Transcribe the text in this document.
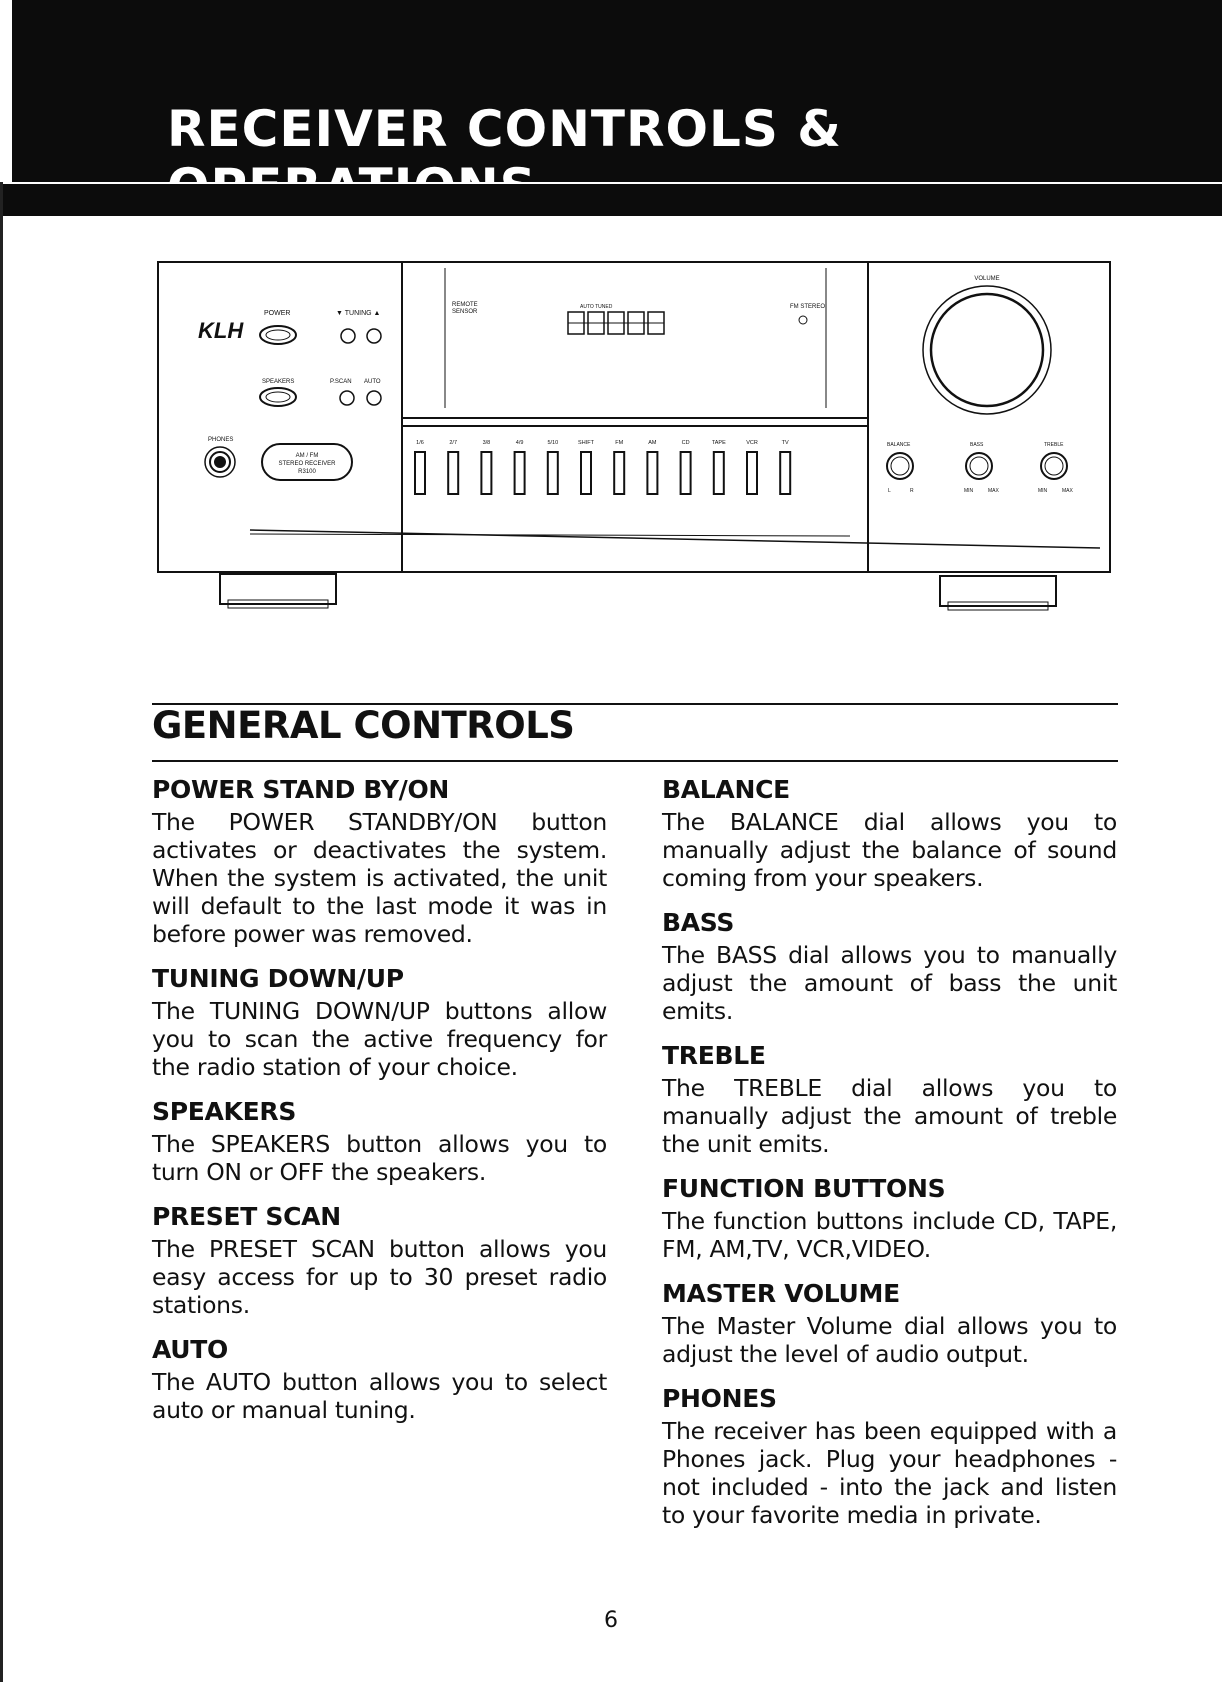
RECEIVER CONTROLS &
KLH
POWER	▼ TUNING ▲
SPEAKERS	P.SCAN AUTO
PHONES
AM / FM
STEREO RECEIVER
R3100
REMOTE
SENSOR
AUTO TUNED	FM STEREO
1/6	2/7	3/8	4/9	5/10	SHIFT	FM	AM	CD	TAPE	VCR	TV
VOLUME
BALANCE	BASS	TREBLE
L	R	MIN	MAX	MIN	MAX
GENERAL CONTROLS
POWER STAND BY/ON

The POWER STANDBY/ON button activates or deactivates the system. When the system is activated, the unit will default to the last mode it was in before power was removed.

TUNING DOWN/UP

The TUNING DOWN/UP buttons allow you to scan the active frequency for the radio station of your choice.

SPEAKERS

The SPEAKERS button allows you to turn ON or OFF the speakers.

PRESET SCAN

The PRESET SCAN button allows you easy access for up to 30 preset radio stations.

AUTO

The AUTO button allows you to select auto or manual tuning.

BALANCE

The BALANCE dial allows you to manually adjust the balance of sound coming from your speakers.

BASS

The BASS dial allows you to manually adjust the amount of bass the unit emits.

TREBLE

The TREBLE dial allows you to manually adjust the amount of treble the unit emits.

FUNCTION BUTTONS

The function buttons include CD, TAPE, FM, AM,TV, VCR,VIDEO.

MASTER VOLUME

The Master Volume dial allows you to adjust the level of audio output.

PHONES

The receiver has been equipped with a Phones jack. Plug your headphones - not included - into the jack and listen to your favorite media in private.

6
